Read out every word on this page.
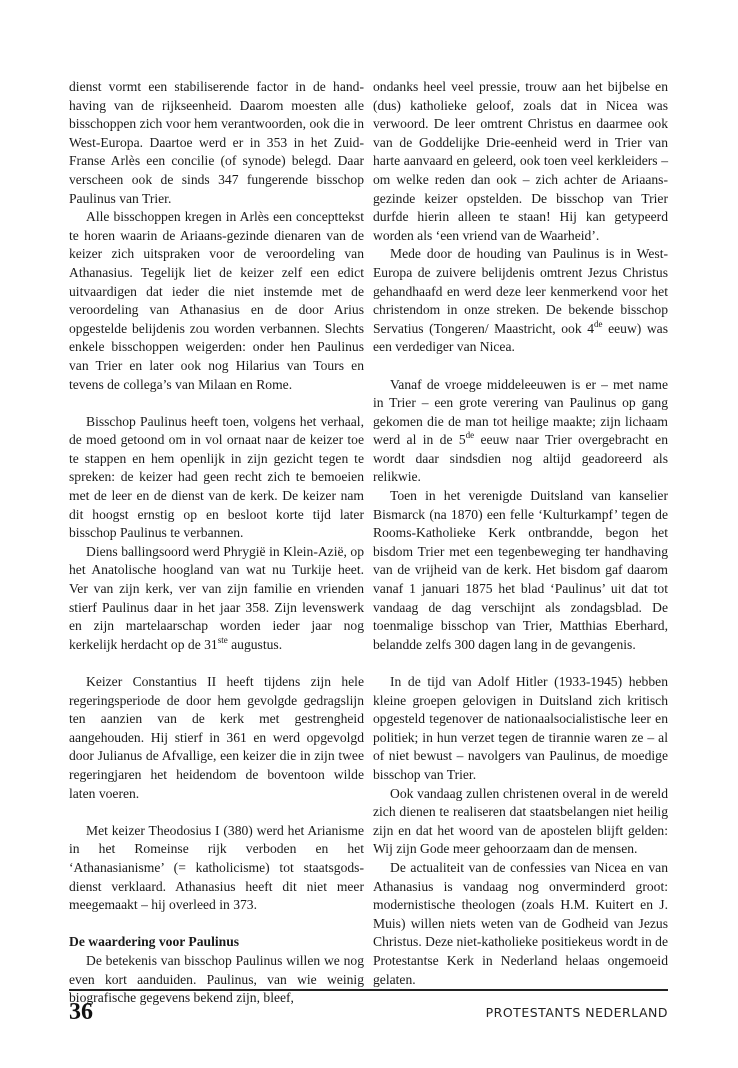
dienst vormt een stabiliserende factor in de handhaving van de rijkseenheid. Daarom moesten alle bisschoppen zich voor hem verantwoorden, ook die in West-Europa. Daartoe werd er in 353 in het Zuid-Franse Arlès een concilie (of synode) belegd. Daar verscheen ook de sinds 347 fungerende bisschop Paulinus van Trier.

Alle bisschoppen kregen in Arlès een concepttekst te horen waarin de Ariaans-gezinde dienaren van de keizer zich uitspraken voor de veroordeling van Athanasius. Tegelijk liet de keizer zelf een edict uitvaardigen dat ieder die niet instemde met de veroordeling van Athanasius en de door Arius opgestelde belijdenis zou worden verbannen. Slechts enkele bisschoppen weigerden: onder hen Paulinus van Trier en later ook nog Hilarius van Tours en tevens de collega’s van Milaan en Rome.

Bisschop Paulinus heeft toen, volgens het verhaal, de moed getoond om in vol ornaat naar de keizer toe te stappen en hem openlijk in zijn gezicht tegen te spreken: de keizer had geen recht zich te bemoeien met de leer en de dienst van de kerk. De keizer nam dit hoogst ernstig op en besloot korte tijd later bisschop Paulinus te verbannen.

Diens ballingsoord werd Phrygië in Klein-Azië, op het Anatolische hoogland van wat nu Turkije heet. Ver van zijn kerk, ver van zijn familie en vrienden stierf Paulinus daar in het jaar 358. Zijn levenswerk en zijn martelaarschap worden ieder jaar nog kerkelijk herdacht op de 31ste augustus.

Keizer Constantius II heeft tijdens zijn hele regeringsperiode de door hem gevolgde gedragslijn ten aanzien van de kerk met gestrengheid aangehouden. Hij stierf in 361 en werd opgevolgd door Julianus de Afvallige, een keizer die in zijn twee regeringjaren het heidendom de boventoon wilde laten voeren.

Met keizer Theodosius I (380) werd het Arianisme in het Romeinse rijk verboden en het ‘Athanasianisme’ (= katholicisme) tot staatsgodsdienst verklaard. Athanasius heeft dit niet meer meegemaakt – hij overleed in 373.

De waardering voor Paulinus

De betekenis van bisschop Paulinus willen we nog even kort aanduiden. Paulinus, van wie weinig biografische gegevens bekend zijn, bleef,

ondanks heel veel pressie, trouw aan het bijbelse en (dus) katholieke geloof, zoals dat in Nicea was verwoord. De leer omtrent Christus en daarmee ook van de Goddelijke Drie-eenheid werd in Trier van harte aanvaard en geleerd, ook toen veel kerkleiders – om welke reden dan ook – zich achter de Ariaans-gezinde keizer opstelden. De bisschop van Trier durfde hierin alleen te staan! Hij kan getypeerd worden als ‘een vriend van de Waarheid’.

Mede door de houding van Paulinus is in West-Europa de zuivere belijdenis omtrent Jezus Christus gehandhaafd en werd deze leer kenmerkend voor het christendom in onze streken. De bekende bisschop Servatius (Tongeren/ Maastricht, ook 4de eeuw) was een verdediger van Nicea.

Vanaf de vroege middeleeuwen is er – met name in Trier – een grote verering van Paulinus op gang gekomen die de man tot heilige maakte; zijn lichaam werd al in de 5de eeuw naar Trier overgebracht en wordt daar sindsdien nog altijd geadoreerd als relikwie.

Toen in het verenigde Duitsland van kanselier Bismarck (na 1870) een felle ‘Kulturkampf’ tegen de Rooms-Katholieke Kerk ontbrandde, begon het bisdom Trier met een tegenbeweging ter handhaving van de vrijheid van de kerk. Het bisdom gaf daarom vanaf 1 januari 1875 het blad ‘Paulinus’ uit dat tot vandaag de dag verschijnt als zondagsblad. De toenmalige bisschop van Trier, Matthias Eberhard, belandde zelfs 300 dagen lang in de gevangenis.

In de tijd van Adolf Hitler (1933-1945) hebben kleine groepen gelovigen in Duitsland zich kritisch opgesteld tegenover de nationaalsocialistische leer en politiek; in hun verzet tegen de tirannie waren ze – al of niet bewust – navolgers van Paulinus, de moedige bisschop van Trier.

Ook vandaag zullen christenen overal in de wereld zich dienen te realiseren dat staatsbelangen niet heilig zijn en dat het woord van de apostelen blijft gelden: Wij zijn Gode meer gehoorzaam dan de mensen.

De actualiteit van de confessies van Nicea en van Athanasius is vandaag nog onverminderd groot: modernistische theologen (zoals H.M. Kuitert en J. Muis) willen niets weten van de Godheid van Jezus Christus. Deze niet-katholieke positiekeus wordt in de Protestantse Kerk in Nederland helaas ongemoeid gelaten.

36	PROTESTANTS NEDERLAND
